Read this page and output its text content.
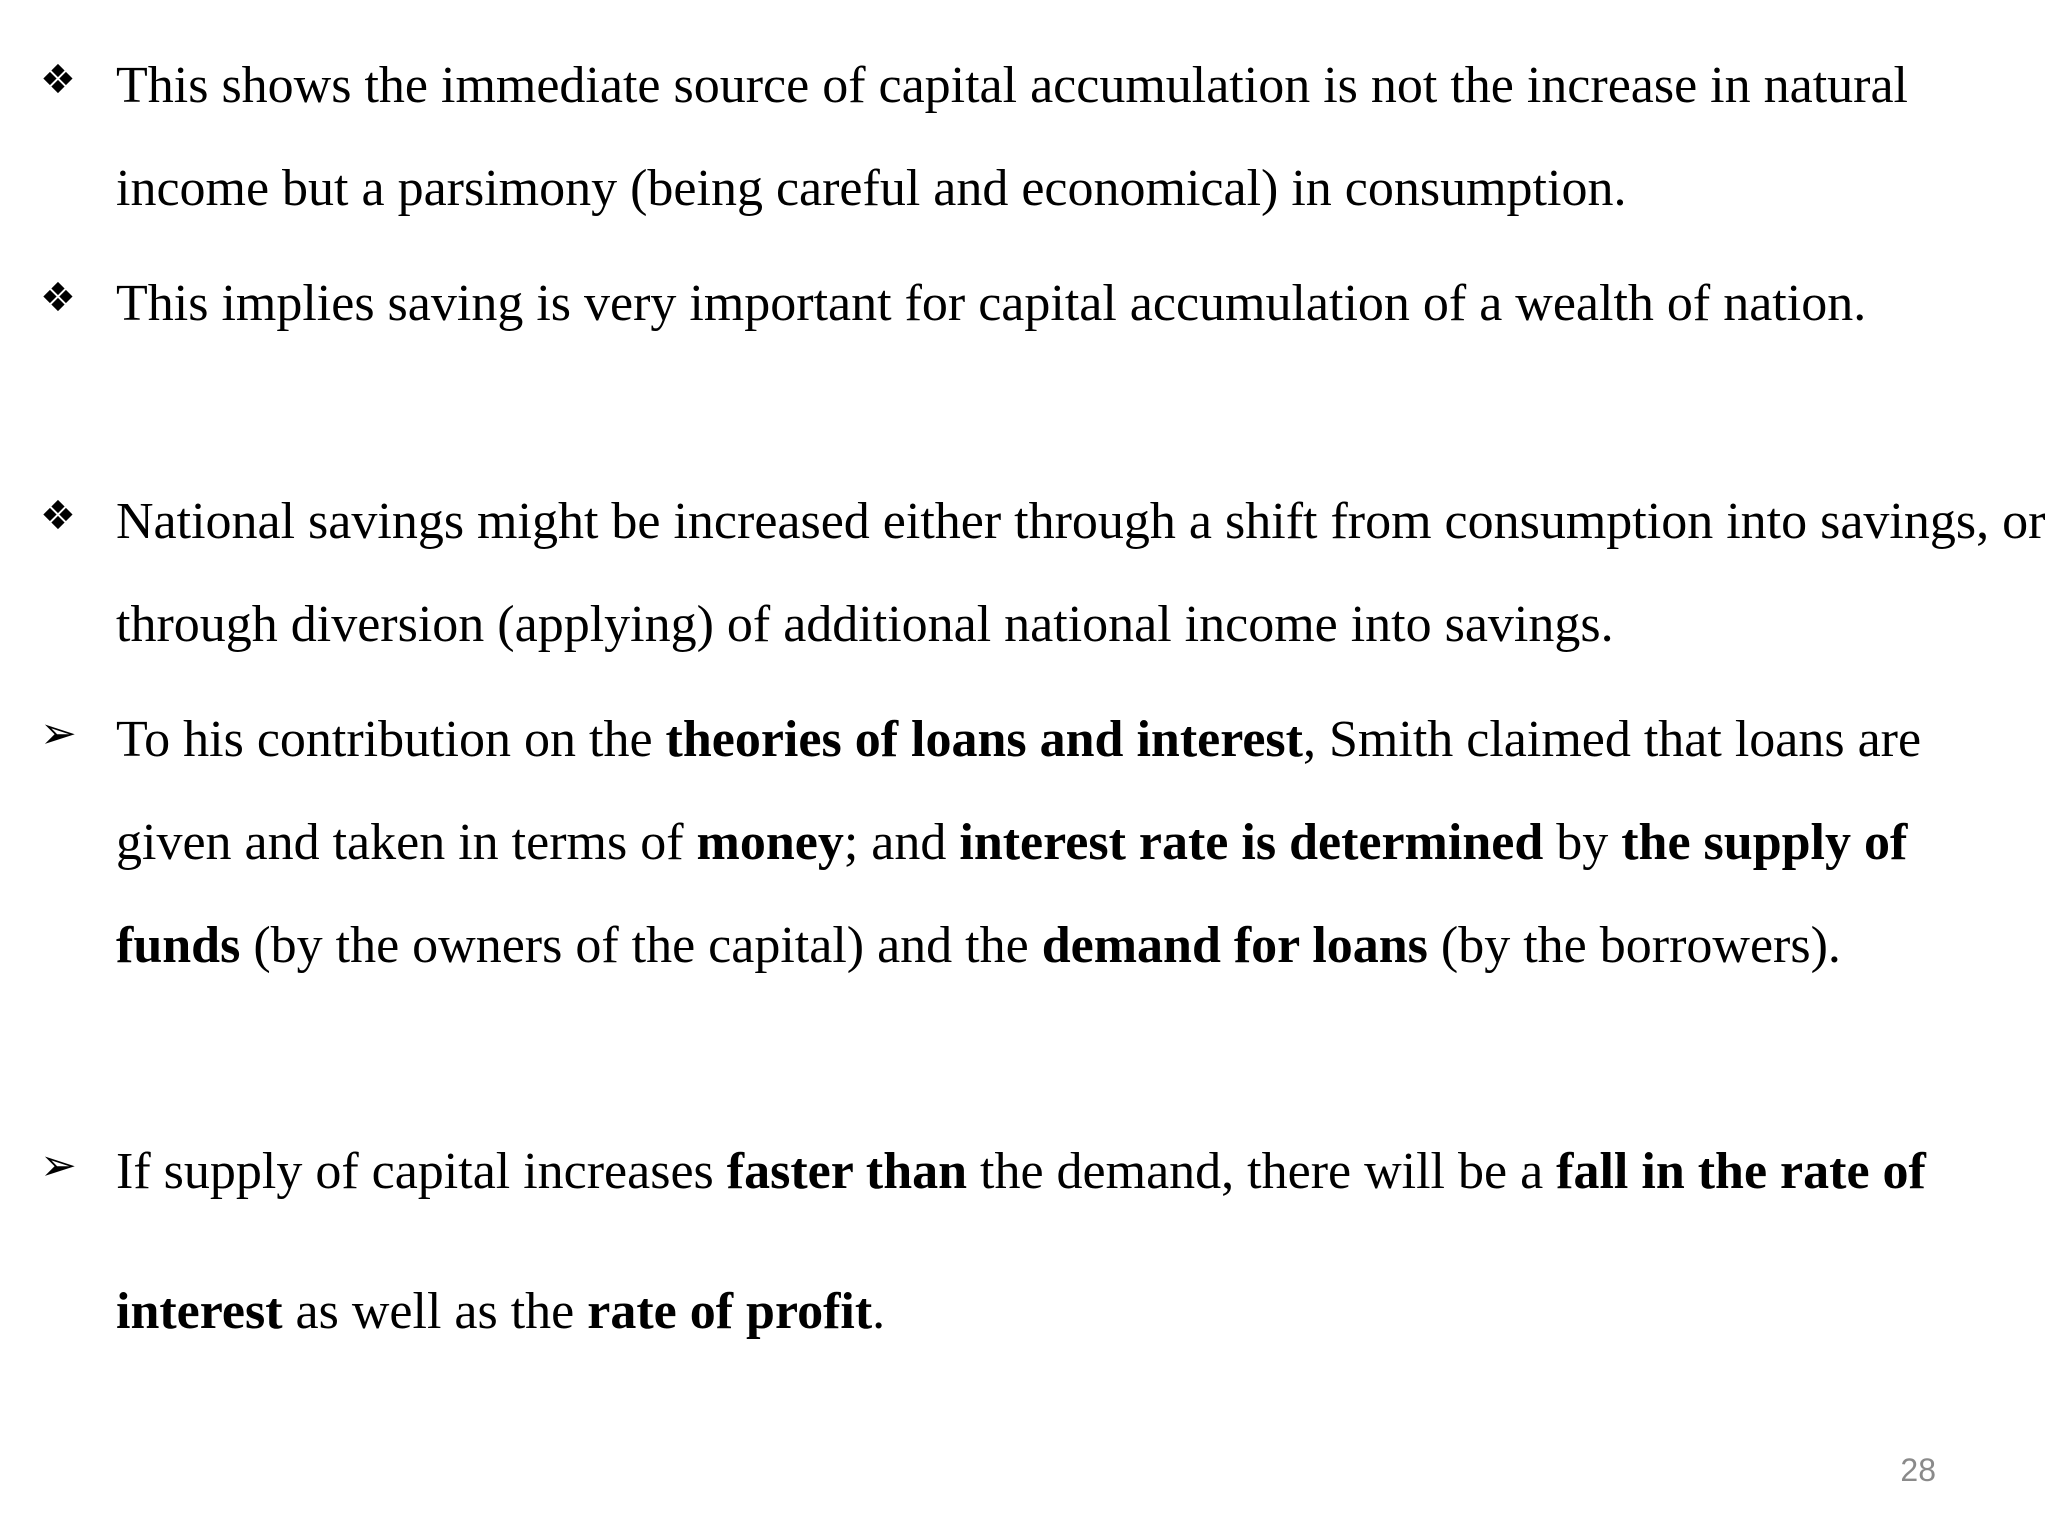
❖ This shows the immediate source of capital accumulation is not the increase in natural income but a parsimony (being careful and economical) in consumption.
❖ This implies saving is very important for capital accumulation of a wealth of nation.
❖ National savings might be increased either through a shift from consumption into savings, or through diversion (applying) of additional national income into savings.
➢ To his contribution on the theories of loans and interest, Smith claimed that loans are given and taken in terms of money; and interest rate is determined by the supply of funds (by the owners of the capital) and the demand for loans (by the borrowers).
➢ If supply of capital increases faster than the demand, there will be a fall in the rate of interest as well as the rate of profit.
28
